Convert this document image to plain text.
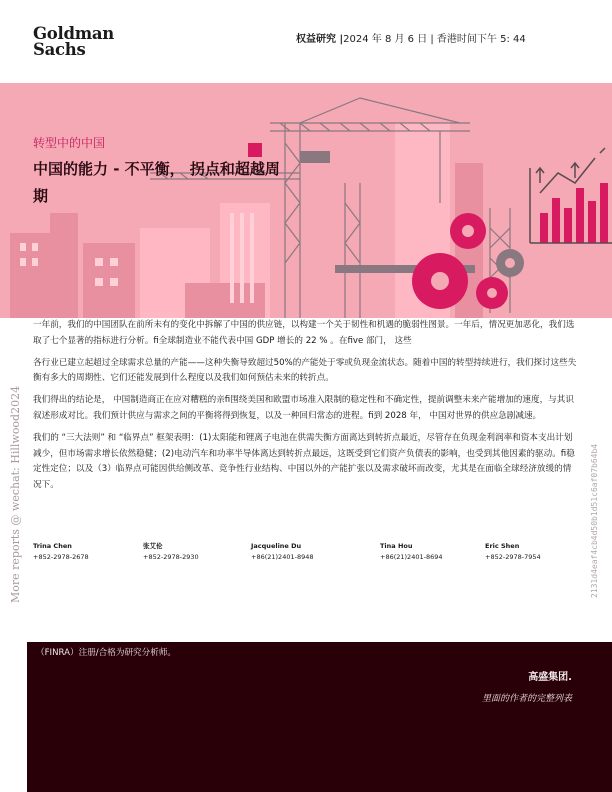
Goldman
Sachs
权益研究 |2024 年 8 月 6 日 | 香港时间下午 5: 44
转型中的中国
中国的能力 - 不平衡， 拐点和超越周
期

一年前，我们的中国团队在前所未有的变化中拆解了中国的供应链，以构建一个关于韧性和机遇的脆弱性图景。一年后，情况更加恶化，我们选取了七个显著的指标进行分析。fi全球制造业不能代表中国 GDP 增长的 22 % 。在five 部门， 这些

各行业已建立起超过全球需求总量的产能——这种失衡导致超过50%的产能处于零或负现金流状态。随着中国的转型持续进行，我们探讨这些失衡有多大的周期性、它们还能发展到什么程度以及我们如何预估未来的转折点。

我们得出的结论是， 中国制造商正在应对糟糕的亲fi围绕美国和欧盟市场准入限制的稳定性和不确定性，提前调整未来产能增加的速度，与其识叙述形成对比。我们预计供应与需求之间的平衡将得到恢复，以及一种回归常态的进程。fi到 2028 年， 中国对世界的供应急剧减速。

我们的 “三大法则” 和 “临界点” 框架表明：(1)太阳能和锂离子电池在供需失衡方面离达到转折点最近，尽管存在负现金利润率和资本支出计划减少，但市场需求增长依然稳健；(2)电动汽车和功率半导体离达到转折点最远，这既受到它们资产负债表的影响，也受到其他因素的驱动。fi稳定性定位；以及（3）临界点可能因供给侧改革、竞争性行业结构、中国以外的产能扩张以及需求破坏而改变，尤其是在面临全球经济放缓的情况下。

Trina Chen
+852-2978-2678
张艾伦
+852-2978-2930
Jacqueline Du
+86(21)2401-8948
Tina Hou
+86(21)2401-8694
Eric Shen
+852-2978-7954
（FINRA）注册/合格为研究分析师。
高盛集团.
里面的作者的完整列表
More reports @ wechat: Hillwood2024	2131d4eaf4cb4d50b1d51c6af07b64b4
